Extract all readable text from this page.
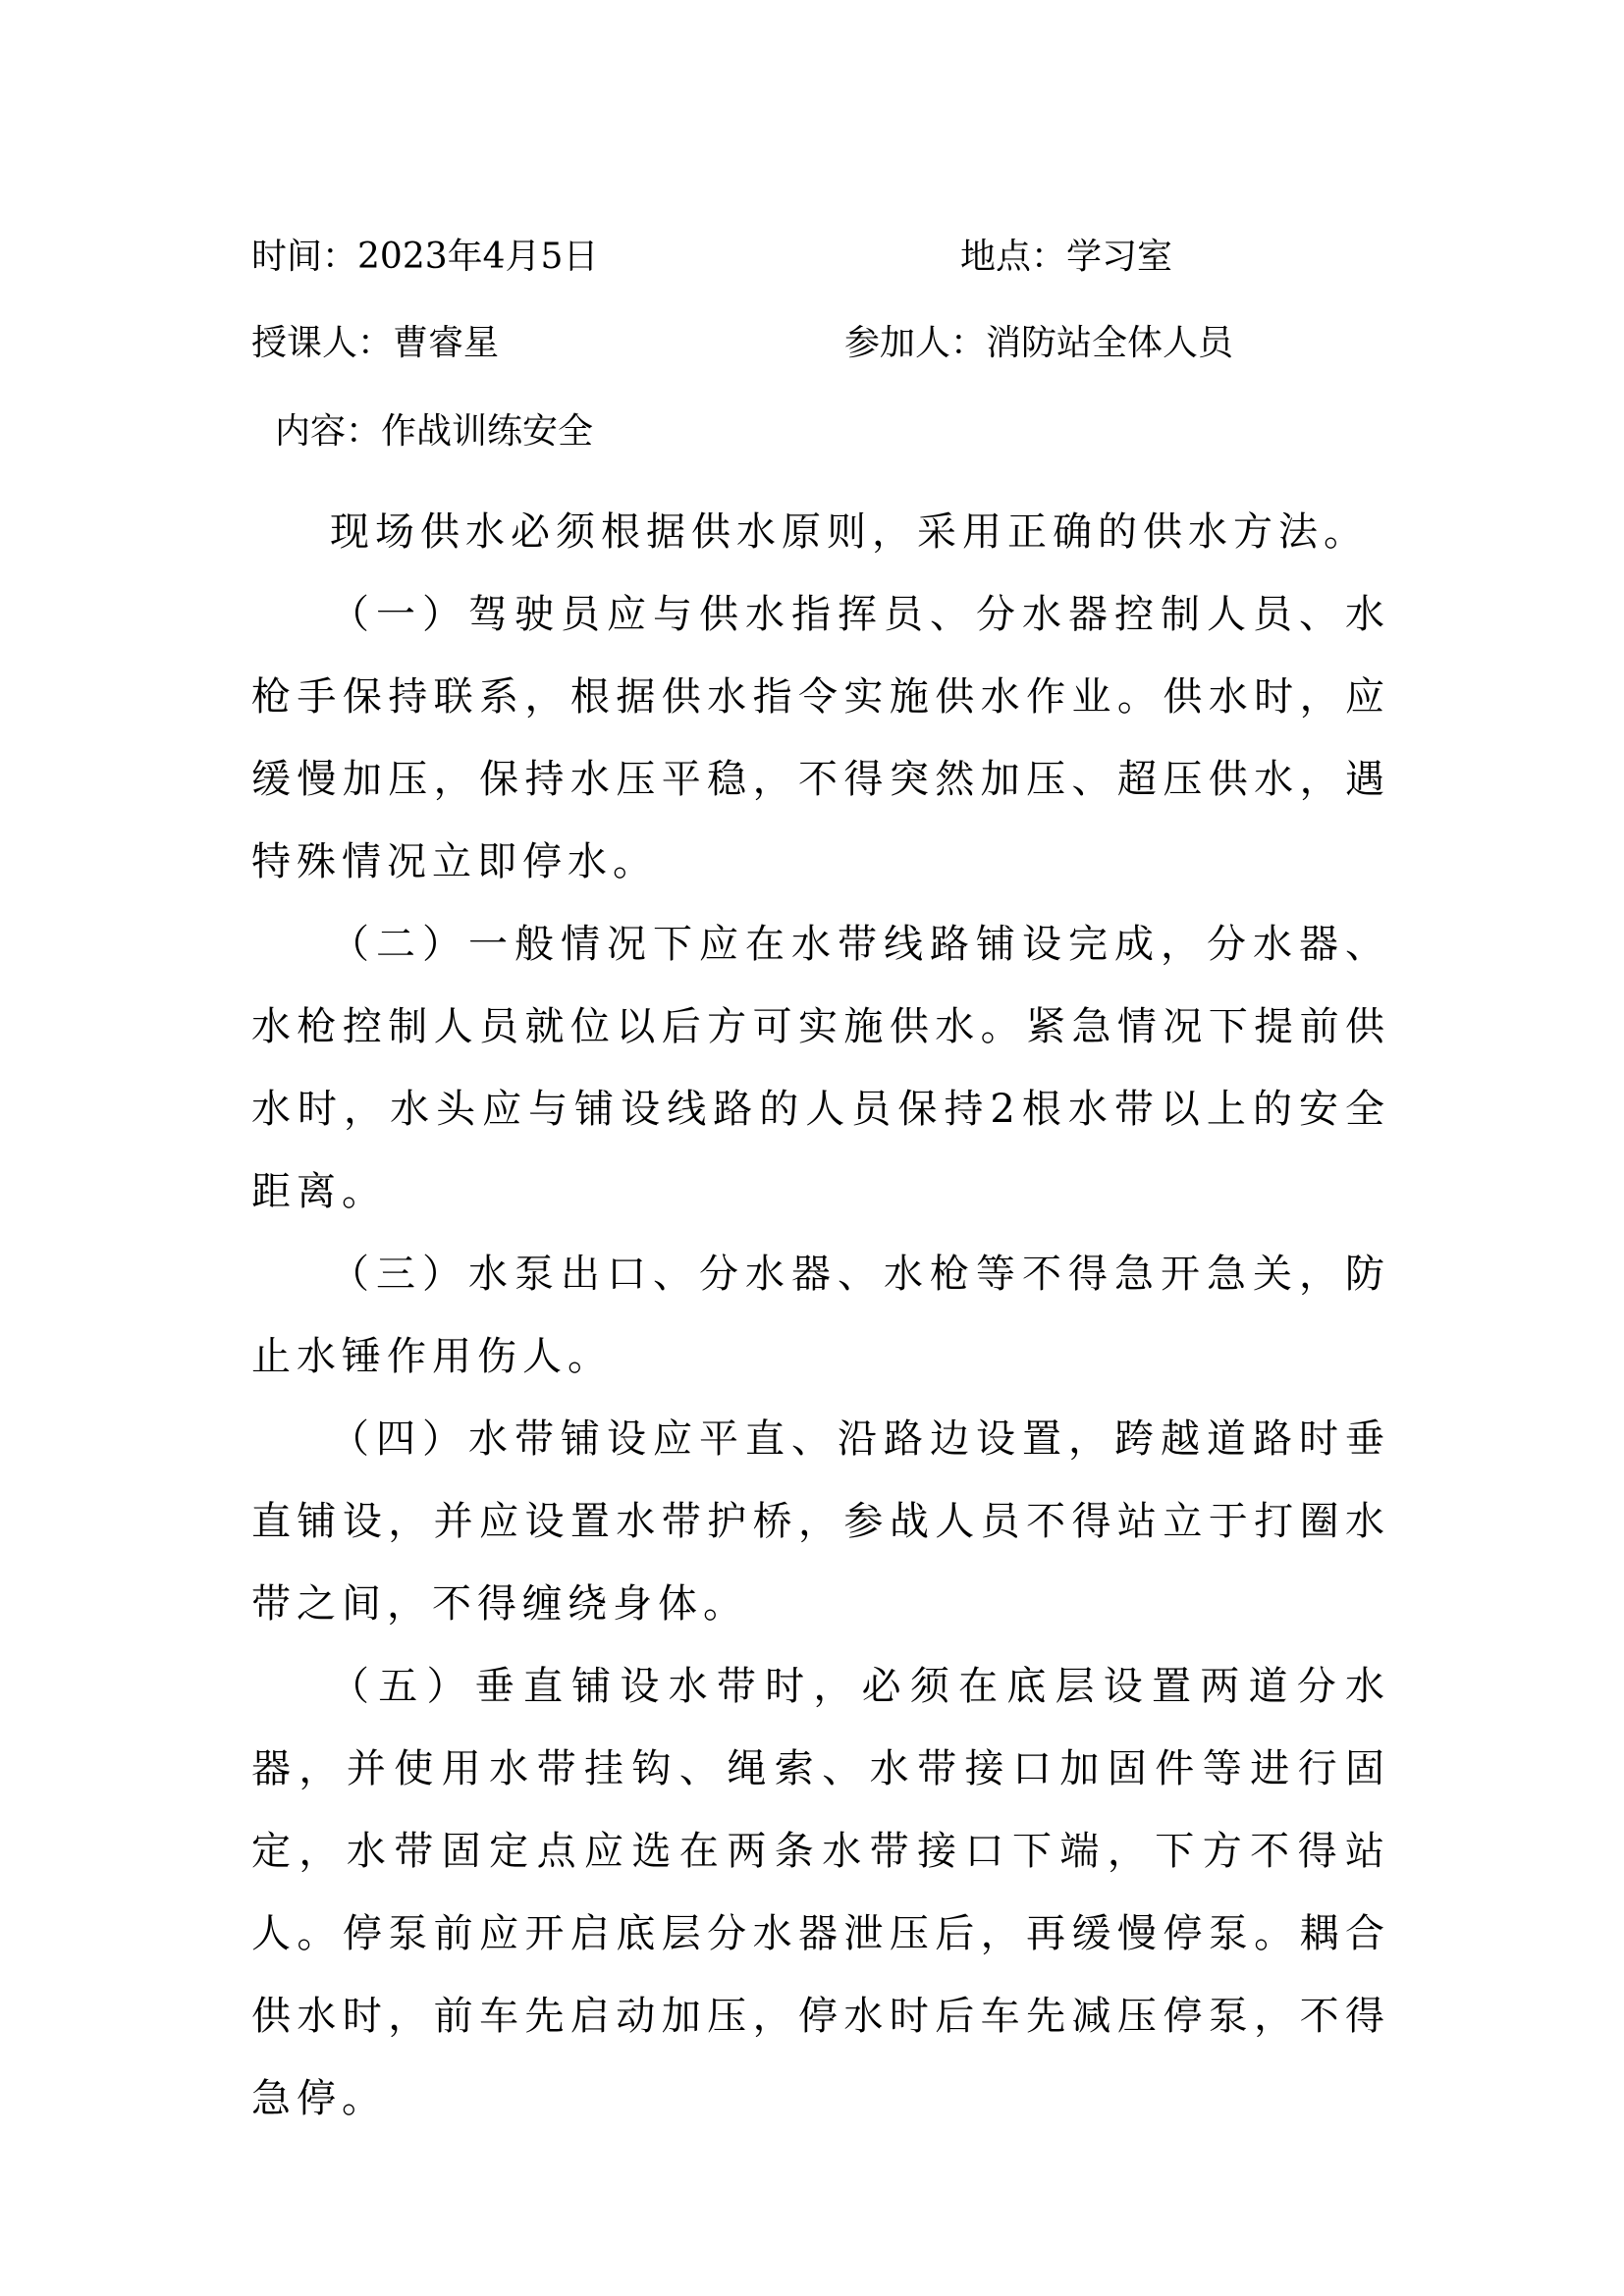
时间：2023年4月5日	地点：学习室
授课人：曹睿星	参加人：消防站全体人员
内容：作战训练安全

现场供水必须根据供水原则，采用正确的供水方法。

（一）驾驶员应与供水指挥员、分水器控制人员、水枪手保持联系，根据供水指令实施供水作业。供水时，应缓慢加压，保持水压平稳，不得突然加压、超压供水，遇特殊情况立即停水。

（二）一般情况下应在水带线路铺设完成，分水器、水枪控制人员就位以后方可实施供水。紧急情况下提前供水时，水头应与铺设线路的人员保持2根水带以上的安全距离。

（三）水泵出口、分水器、水枪等不得急开急关，防止水锤作用伤人。

（四）水带铺设应平直、沿路边设置，跨越道路时垂直铺设，并应设置水带护桥，参战人员不得站立于打圈水带之间，不得缠绕身体。

（五）垂直铺设水带时，必须在底层设置两道分水器，并使用水带挂钩、绳索、水带接口加固件等进行固定，水带固定点应选在两条水带接口下端，下方不得站人。停泵前应开启底层分水器泄压后，再缓慢停泵。耦合供水时，前车先启动加压，停水时后车先减压停泵，不得急停。
